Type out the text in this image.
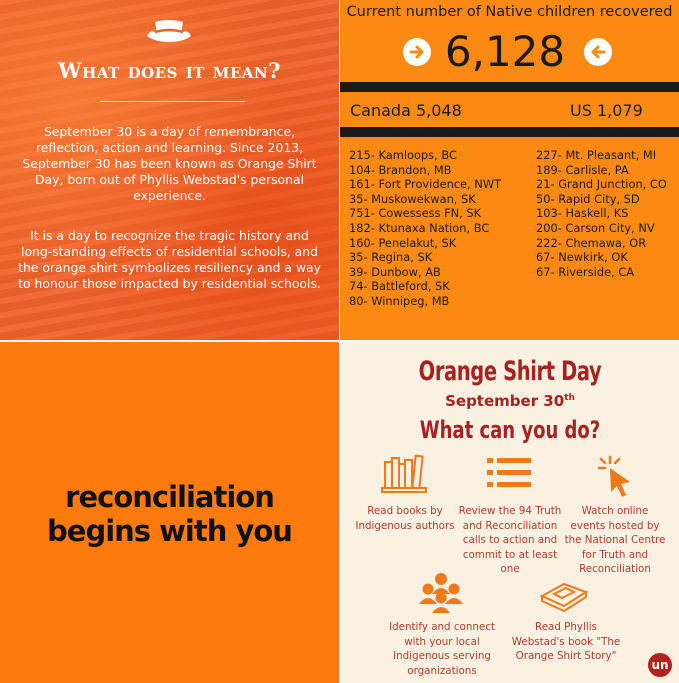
What does it mean?

September 30 is a day of remembrance, reflection, action and learning. Since 2013, September 30 has been known as Orange Shirt Day, born out of Phyllis Webstad's personal experience.

It is a day to recognize the tragic history and long-standing effects of residential schools, and the orange shirt symbolizes resiliency and a way to honour those impacted by residential schools.

Current number of Native children recovered
6,128
Canada 5,048	US 1,079
215- Kamloops, BC
104- Brandon, MB
161- Fort Providence, NWT
35- Muskowekwan, SK
751- Cowessess FN, SK
182- Ktunaxa Nation, BC
160- Penelakut, SK
35- Regina, SK
39- Dunbow, AB
74- Battleford, SK
80- Winnipeg, MB
227- Mt. Pleasant, MI
189- Carlisle, PA
21- Grand Junction, CO
50- Rapid City, SD
103- Haskell, KS
200- Carson City, NV
222- Chemawa, OR
67- Newkirk, OK
67- Riverside, CA
reconciliation
begins with you
Orange Shirt Day
September 30th
What can you do?
Read books by Indigenous authors
Review the 94 Truth and Reconciliation calls to action and commit to at least one
Watch online events hosted by the National Centre for Truth and Reconciliation
Identify and connect with your local Indigenous serving organizations
Read Phyllis Webstad's book "The Orange Shirt Story"
un
